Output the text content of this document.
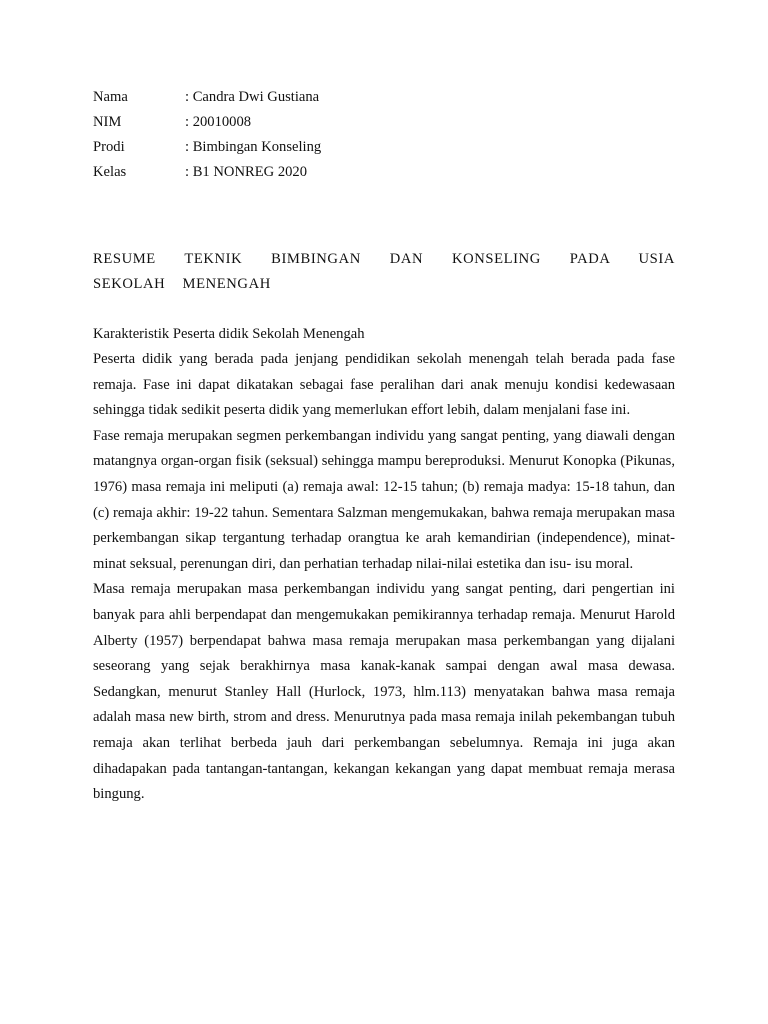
Nama	: Candra Dwi Gustiana
NIM	: 20010008
Prodi	: Bimbingan Konseling
Kelas	: B1 NONREG 2020
RESUME TEKNIK BIMBINGAN DAN KONSELING PADA USIA SEKOLAH MENENGAH
Karakteristik Peserta didik Sekolah Menengah

Peserta didik yang berada pada jenjang pendidikan sekolah menengah telah berada pada fase remaja. Fase ini dapat dikatakan sebagai fase peralihan dari anak menuju kondisi kedewasaan sehingga tidak sedikit peserta didik yang memerlukan effort lebih, dalam menjalani fase ini.

Fase remaja merupakan segmen perkembangan individu yang sangat penting, yang diawali dengan matangnya organ-organ fisik (seksual) sehingga mampu bereproduksi. Menurut Konopka (Pikunas, 1976) masa remaja ini meliputi (a) remaja awal: 12-15 tahun; (b) remaja madya: 15-18 tahun, dan (c) remaja akhir: 19-22 tahun. Sementara Salzman mengemukakan, bahwa remaja merupakan masa perkembangan sikap tergantung terhadap orangtua ke arah kemandirian (independence), minat- minat seksual, perenungan diri, dan perhatian terhadap nilai-nilai estetika dan isu- isu moral.

Masa remaja merupakan masa perkembangan individu yang sangat penting, dari pengertian ini banyak para ahli berpendapat dan mengemukakan pemikirannya terhadap remaja. Menurut Harold Alberty (1957) berpendapat bahwa masa remaja merupakan masa perkembangan yang dijalani seseorang yang sejak berakhirnya masa kanak-kanak sampai dengan awal masa dewasa. Sedangkan, menurut Stanley Hall (Hurlock, 1973, hlm.113) menyatakan bahwa masa remaja adalah masa new birth, strom and dress. Menurutnya pada masa remaja inilah pekembangan tubuh remaja akan terlihat berbeda jauh dari perkembangan sebelumnya. Remaja ini juga akan dihadapakan pada tantangan-tantangan, kekangan kekangan yang dapat membuat remaja merasa bingung.
